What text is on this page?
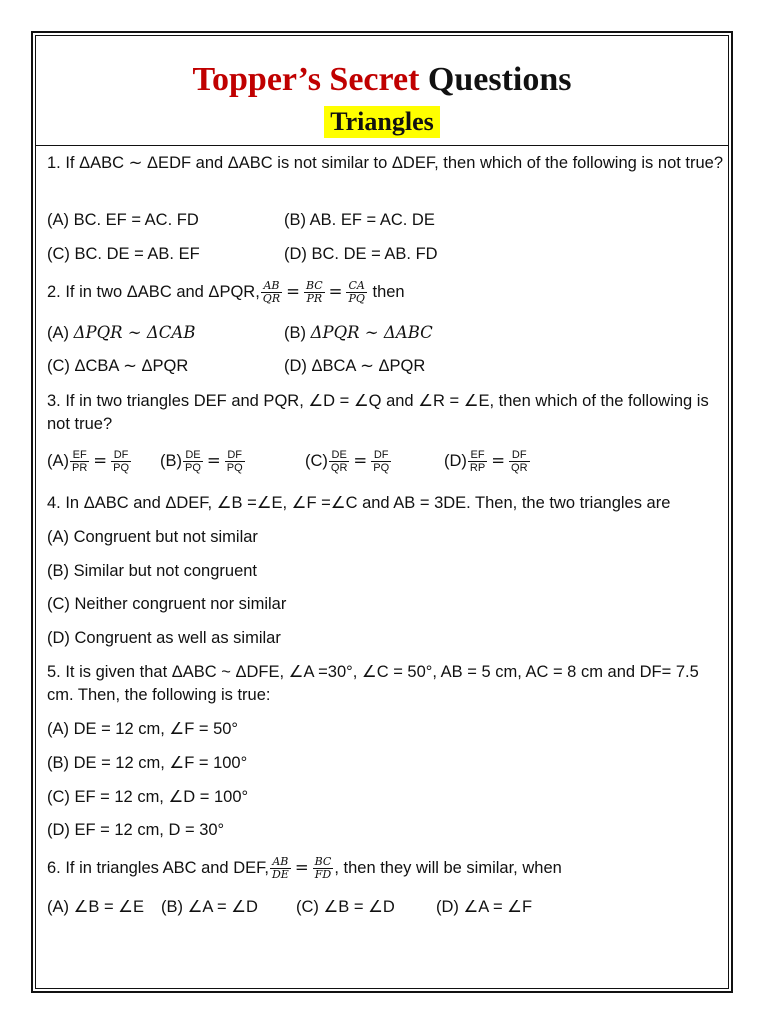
Topper’s Secret Questions
Triangles
1. If ΔABC ∼ ΔEDF and ΔABC is not similar to ΔDEF, then which of the following is not true?
(A) BC. EF = AC. FD	(B) AB. EF = AC. DE
(C) BC. DE = AB. EF	(D) BC. DE = AB. FD
2. If in two ΔABC and ΔPQR, $\frac{AB}{QR} = \frac{BC}{PR} = \frac{CA}{PQ}$ then
(A) ΔPQR ∼ ΔCAB	(B) ΔPQR ∼ ΔABC
(C) ΔCBA ∼ ΔPQR	(D) ΔBCA ∼ ΔPQR
3. If in two triangles DEF and PQR, ∠D = ∠Q and ∠R = ∠E, then which of the following is not true?
$(A) \frac{EF}{PR} = \frac{DF}{PQ} (B) \frac{DE}{PQ} = \frac{DF}{PQ}$	$(C) \frac{DE}{QR} = \frac{DF}{PQ}$	$(D) \frac{EF}{RP} = \frac{DF}{QR}$
4. In ΔABC and ΔDEF, ∠B =∠E, ∠F =∠C and AB = 3DE. Then, the two triangles are
(A) Congruent but not similar
(B) Similar but not congruent
(C) Neither congruent nor similar
(D) Congruent as well as similar
5. It is given that ΔABC ~ ΔDFE, ∠A =30°, ∠C = 50°, AB = 5 cm, AC = 8 cm and DF= 7.5 cm. Then, the following is true:
(A) DE = 12 cm, ∠F = 50°
(B) DE = 12 cm, ∠F = 100°
(C) EF = 12 cm, ∠D = 100°
(D) EF = 12 cm, D = 30°
6. If in triangles ABC and DEF, $\frac{AB}{DE} = \frac{BC}{FD}$ , then they will be similar, when
(A) ∠B = ∠E (B) ∠A = ∠D (C) ∠B = ∠D (D) ∠A = ∠F
